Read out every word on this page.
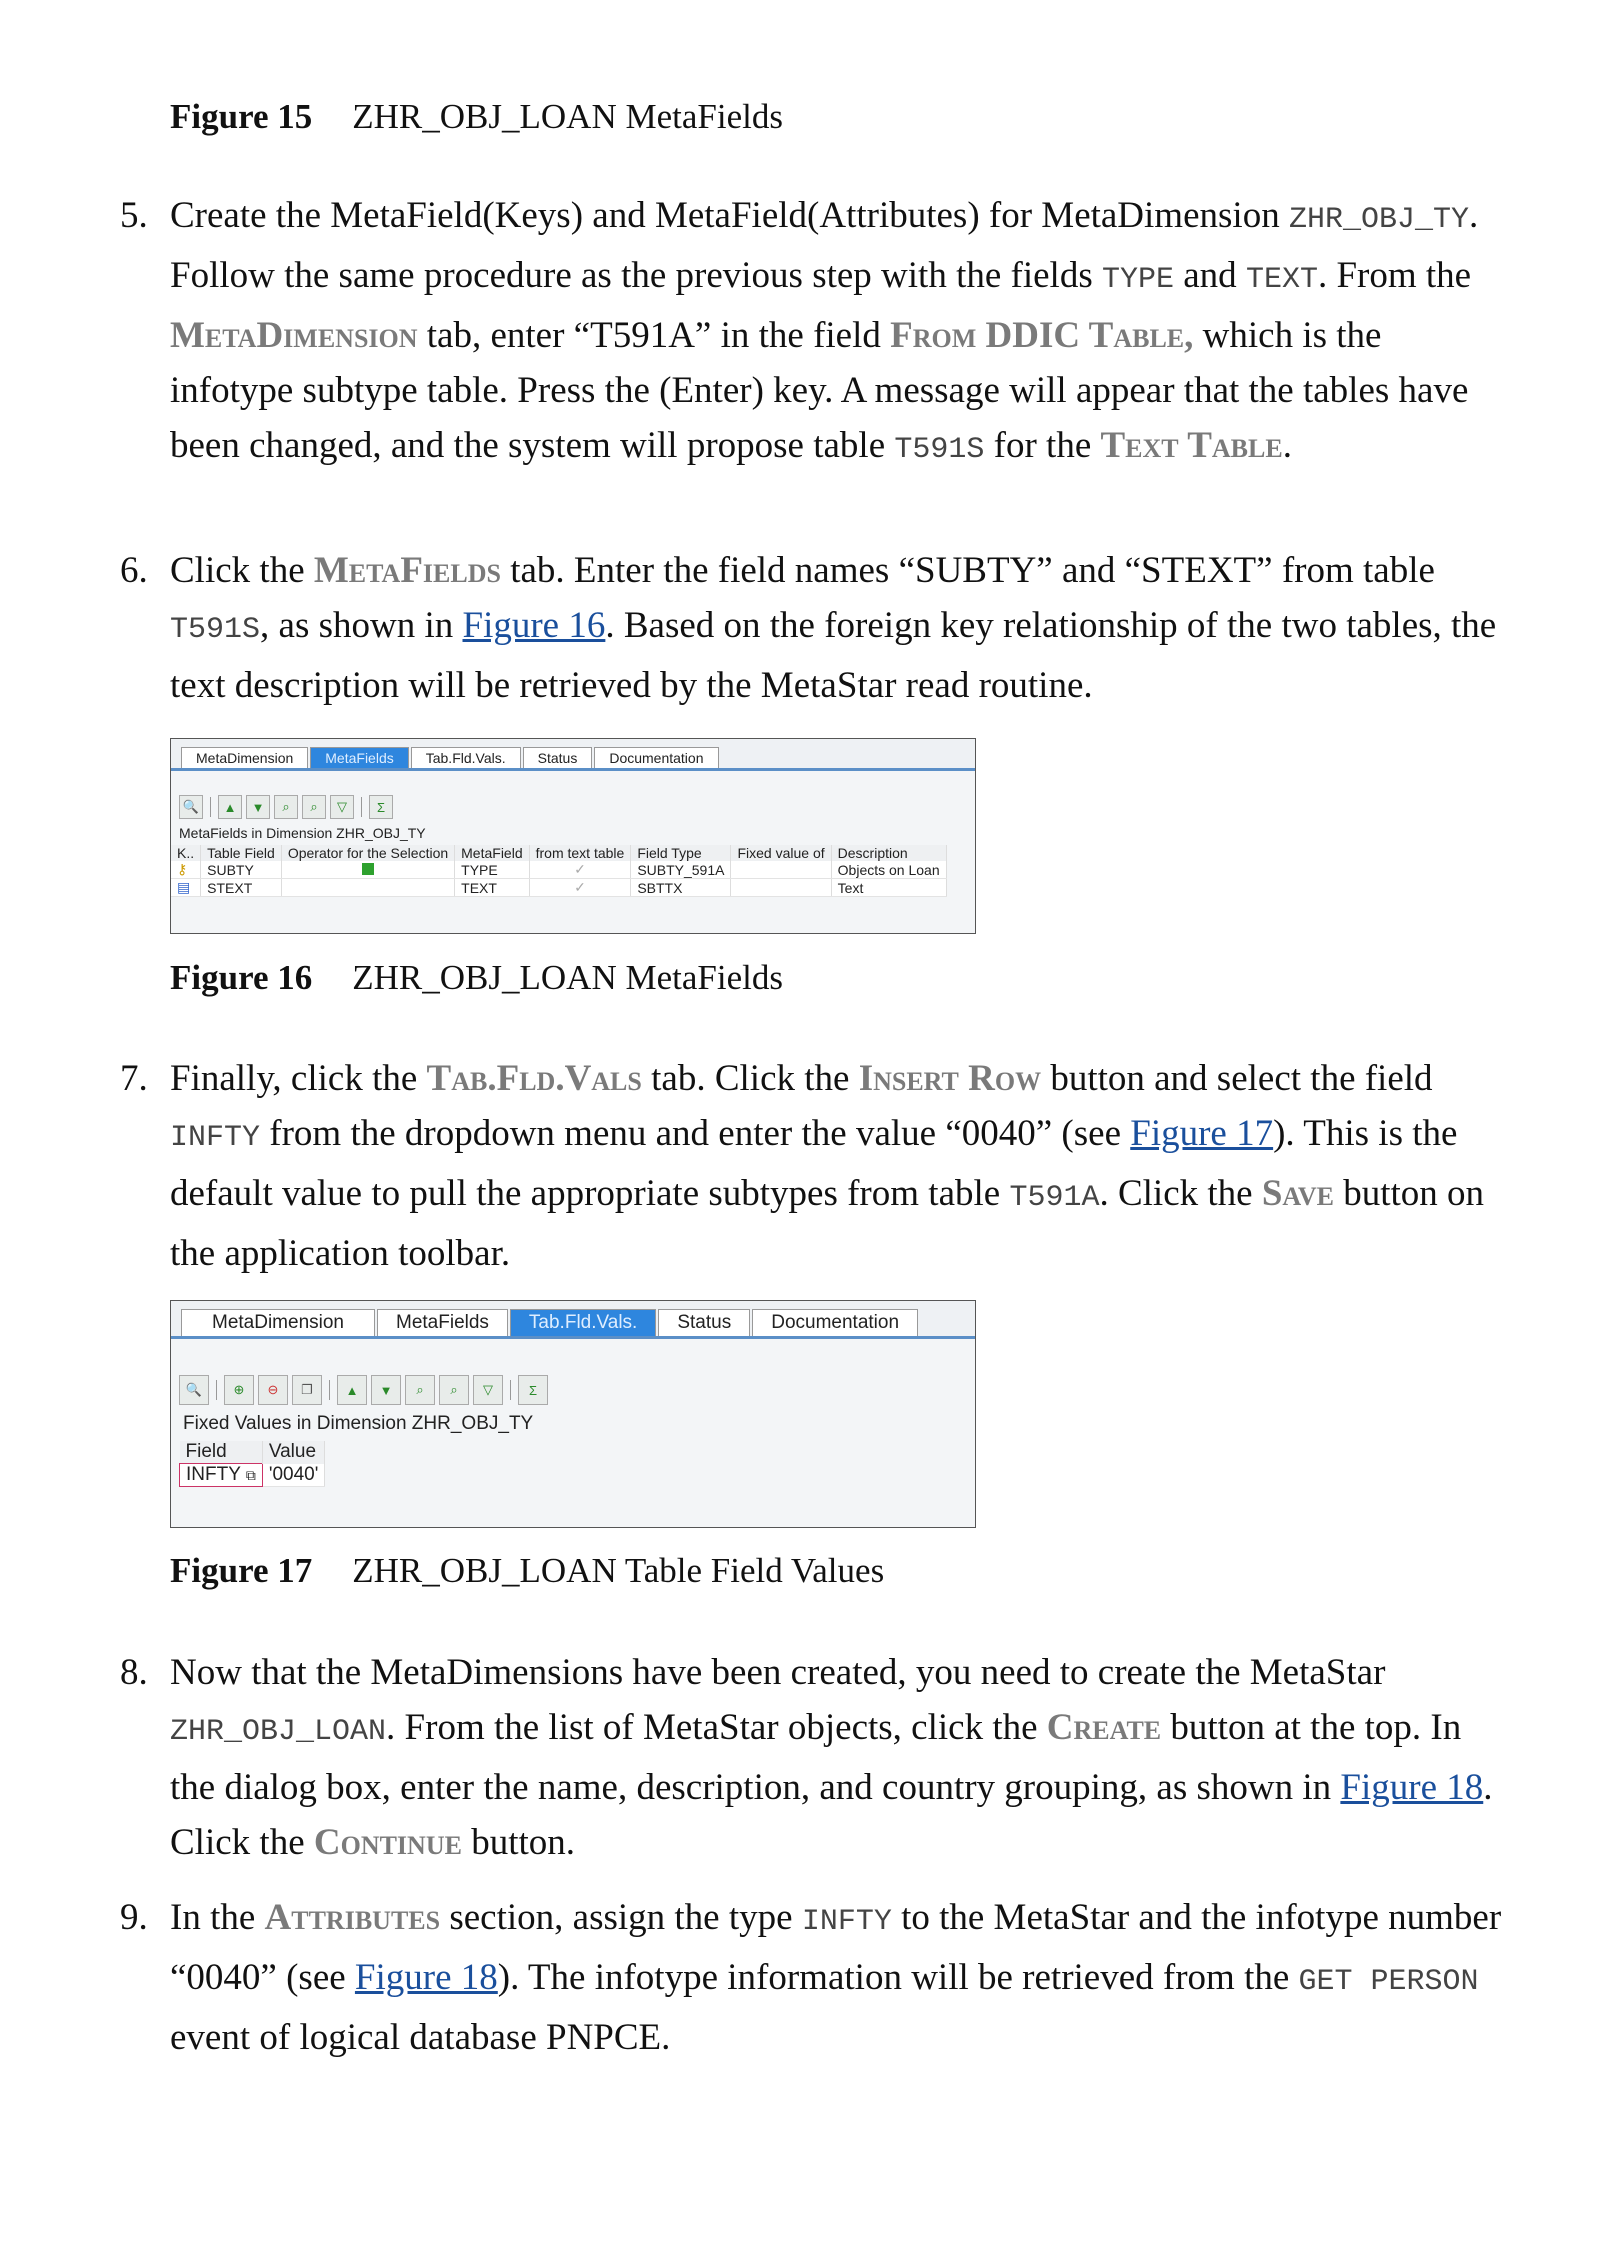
Figure 15 ZHR_OBJ_LOAN MetaFields
5. Create the MetaField(Keys) and MetaField(Attributes) for MetaDimension ZHR_OBJ_TY. Follow the same procedure as the previous step with the fields TYPE and TEXT. From the MetaDimension tab, enter “T591A” in the field From DDIC Table, which is the infotype subtype table. Press the (Enter) key. A message will appear that the tables have been changed, and the system will propose table T591S for the Text Table.
6. Click the MetaFields tab. Enter the field names “SUBTY” and “STEXT” from table T591S, as shown in Figure 16. Based on the foreign key relationship of the two tables, the text description will be retrieved by the MetaStar read routine.
MetaDimension	MetaFields	Tab.Fld.Vals.	Status	Documentation
🔍	▲	▼	⌕	⌕	▽	Σ
MetaFields in Dimension ZHR_OBJ_TY
K..	Table Field	Operator for the Selection	MetaField	from text table	Field Type	Fixed value of	Description
⚷	SUBTY		TYPE	✓	SUBTY_591A		Objects on Loan
▤	STEXT		TEXT	✓	SBTTX		Text
Figure 16 ZHR_OBJ_LOAN MetaFields
7. Finally, click the Tab.Fld.Vals tab. Click the Insert Row button and select the field INFTY from the dropdown menu and enter the value “0040” (see Figure 17). This is the default value to pull the appropriate subtypes from table T591A. Click the Save button on the application toolbar.
MetaDimension	MetaFields	Tab.Fld.Vals.	Status	Documentation
🔍	⊕	⊖	❐	▲	▼	⌕	⌕	▽	Σ
Fixed Values in Dimension ZHR_OBJ_TY
Field	Value
INFTY ⧉	'0040'
Figure 17 ZHR_OBJ_LOAN Table Field Values
8. Now that the MetaDimensions have been created, you need to create the MetaStar ZHR_OBJ_LOAN. From the list of MetaStar objects, click the Create button at the top. In the dialog box, enter the name, description, and country grouping, as shown in Figure 18. Click the Continue button.
9. In the Attributes section, assign the type INFTY to the MetaStar and the infotype number “0040” (see Figure 18). The infotype information will be retrieved from the GET PERSON event of logical database PNPCE.
